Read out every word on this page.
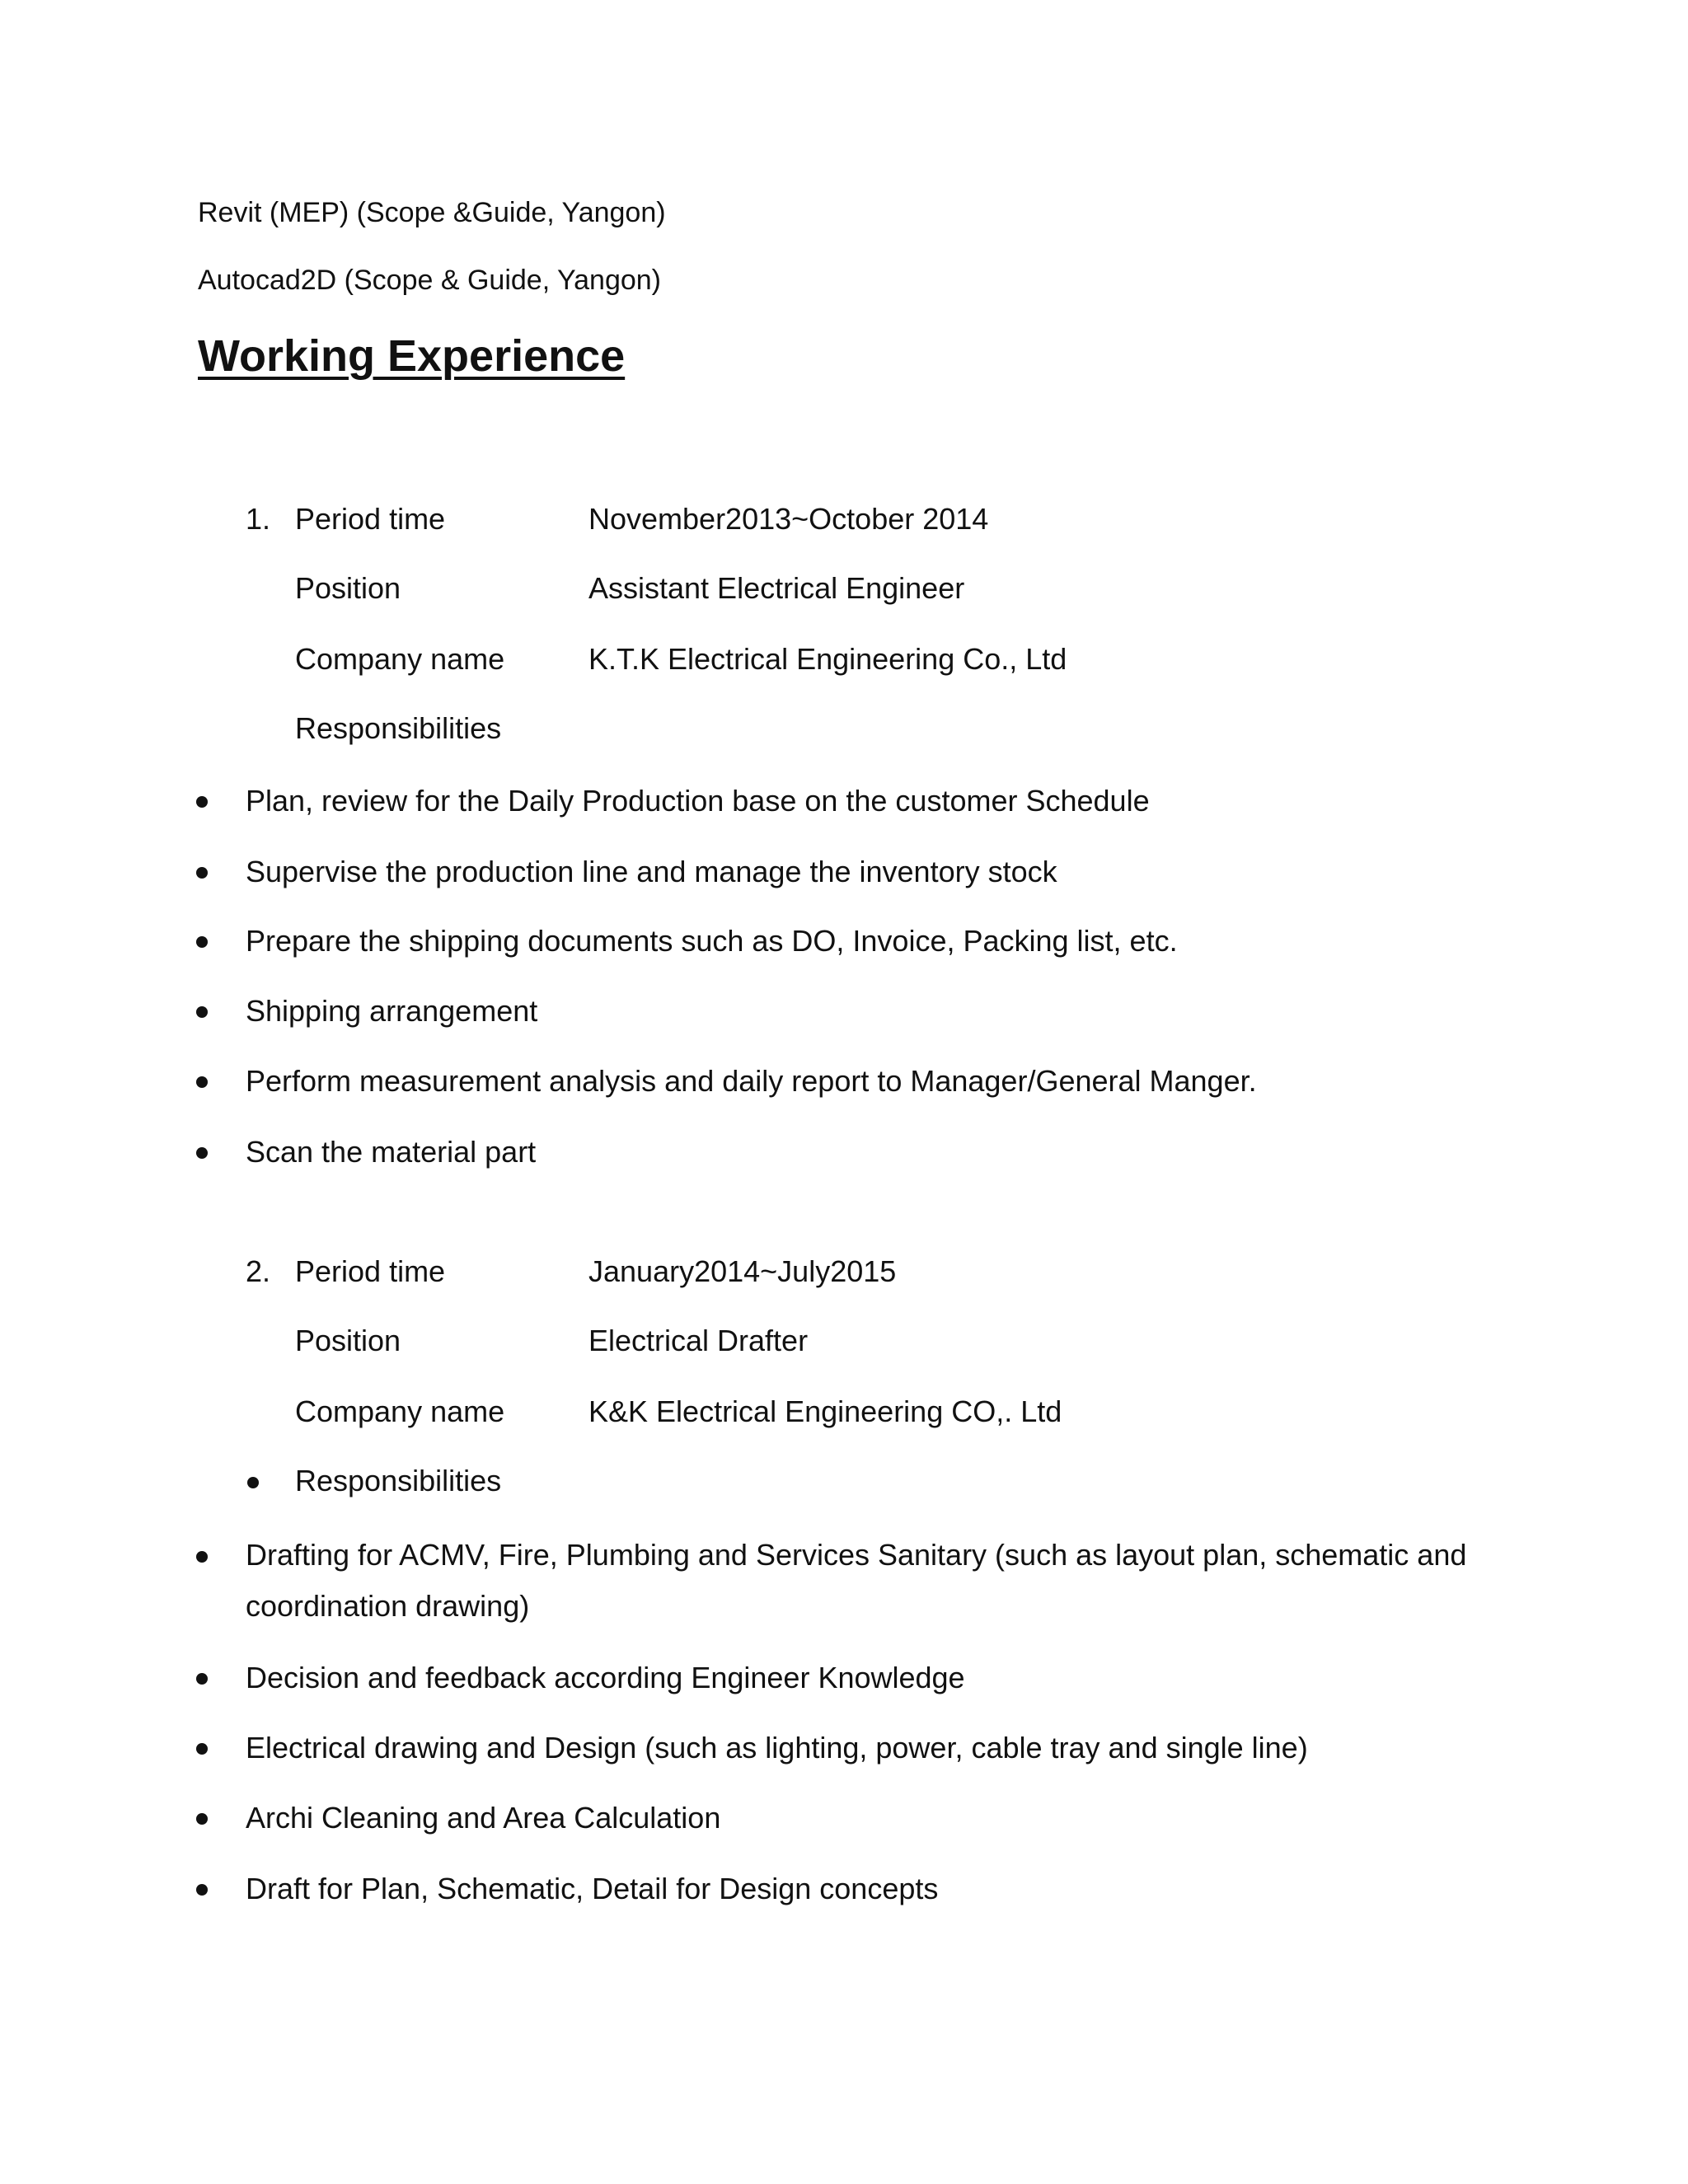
Revit (MEP) (Scope &Guide, Yangon)
Autocad2D (Scope & Guide, Yangon)
Working Experience
1. Period time	November2013~October 2014
Position	Assistant Electrical Engineer
Company name	K.T.K Electrical Engineering Co., Ltd
Responsibilities
Plan, review for the Daily Production base on the customer Schedule
Supervise the production line and manage the inventory stock
Prepare the shipping documents such as DO, Invoice, Packing list, etc.
Shipping arrangement
Perform measurement analysis and daily report to Manager/General Manger.
Scan the material part
2. Period time	January2014~July2015
Position	Electrical Drafter
Company name	K&K Electrical Engineering CO,. Ltd
Responsibilities
Drafting for ACMV, Fire, Plumbing and Services Sanitary (such as layout plan, schematic and coordination drawing)
Decision and feedback according Engineer Knowledge
Electrical drawing and Design (such as lighting, power, cable tray and single line)
Archi Cleaning and Area Calculation
Draft for Plan, Schematic, Detail for Design concepts
